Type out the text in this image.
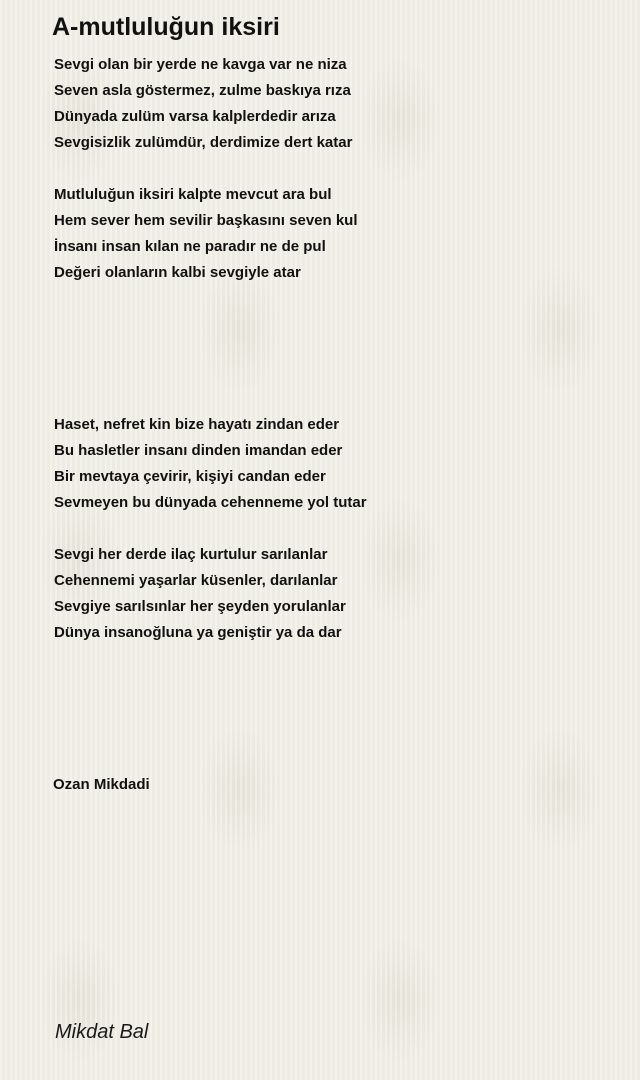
A-mutluluğun iksiri
Sevgi olan bir yerde ne kavga var ne niza
Seven asla göstermez, zulme baskıya rıza
Dünyada zulüm varsa kalplerdedir arıza
Sevgisizlik zulümdür, derdimize dert katar
Mutluluğun iksiri kalpte mevcut ara bul
Hem sever hem sevilir başkasını seven kul
İnsanı insan kılan ne paradır ne de pul
Değeri olanların kalbi sevgiyle atar
Haset, nefret kin bize hayatı zindan eder
Bu hasletler insanı dinden imandan eder
Bir mevtaya çevirir, kişiyi candan eder
Sevmeyen bu dünyada cehenneme yol tutar
Sevgi her derde ilaç kurtulur sarılanlar
Cehennemi yaşarlar küsenler, darılanlar
Sevgiye sarılsınlar her şeyden yorulanlar
Dünya insanoğluna ya geniştir ya da dar
Ozan Mikdadi
Mikdat Bal
